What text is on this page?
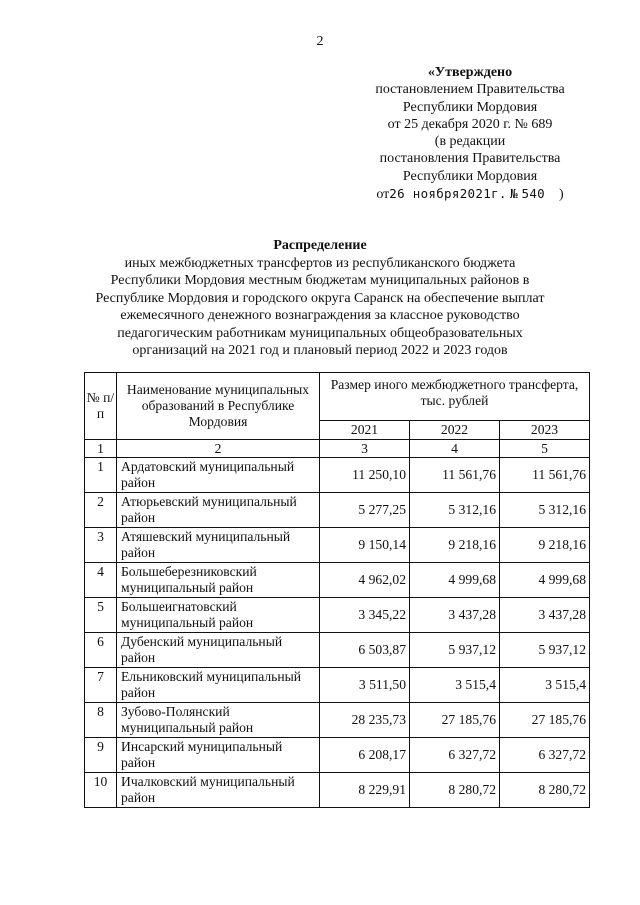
2
«Утверждено
постановлением Правительства
Республики Мордовия
от 25 декабря 2020 г. № 689
(в редакции
постановления Правительства
Республики Мордовия
от26 ноября2021г. № 540 )
Распределение
иных межбюджетных трансфертов из республиканского бюджета
Республики Мордовия местным бюджетам муниципальных районов в
Республике Мордовия и городского округа Саранск на обеспечение выплат
ежемесячного денежного вознаграждения за классное руководство
педагогическим работникам муниципальных общеобразовательных
организаций на 2021 год и плановый период 2022 и 2023 годов
№ п/п	Наименование муниципальных образований в Республике Мордовия	Размер иного межбюджетного трансферта, тыс. рублей		
		2021	2022	2023
1	2	3	4	5
1	Ардатовский муниципальный район	11 250,10	11 561,76	11 561,76
2	Атюрьевский муниципальный район	5 277,25	5 312,16	5 312,16
3	Атяшевский муниципальный район	9 150,14	9 218,16	9 218,16
4	Большеберезниковский муниципальный район	4 962,02	4 999,68	4 999,68
5	Большеигнатовский муниципальный район	3 345,22	3 437,28	3 437,28
6	Дубенский муниципальный район	6 503,87	5 937,12	5 937,12
7	Ельниковский муниципальный район	3 511,50	3 515,4	3 515,4
8	Зубово-Полянский муниципальный район	28 235,73	27 185,76	27 185,76
9	Инсарский муниципальный район	6 208,17	6 327,72	6 327,72
10	Ичалковский муниципальный район	8 229,91	8 280,72	8 280,72
